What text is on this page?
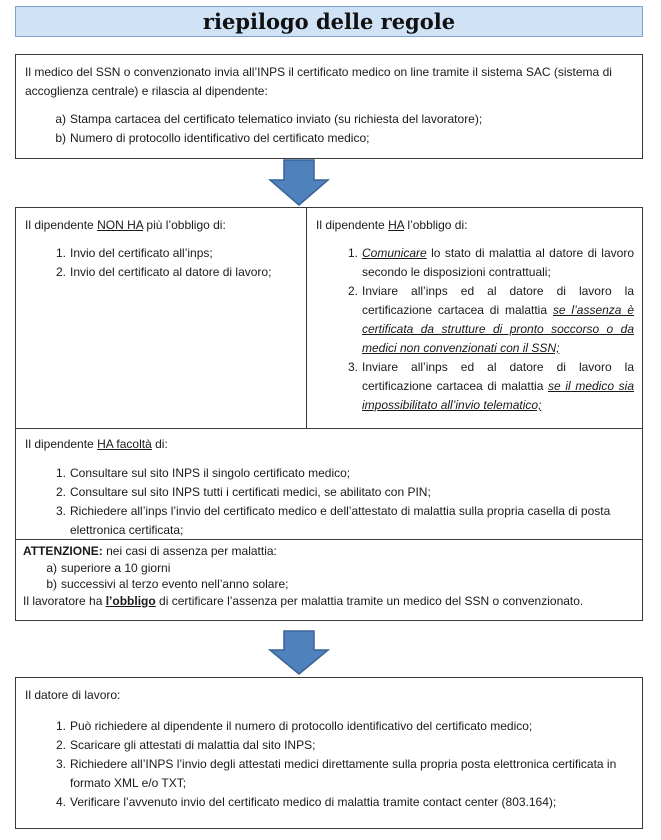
riepilogo delle regole

Il medico del SSN o convenzionato invia all’INPS il certificato medico on line tramite il sistema SAC (sistema di accoglienza centrale) e rilascia al dipendente:

a) Stampa cartacea del certificato telematico inviato (su richiesta del lavoratore);
b) Numero di protocollo identificativo del certificato medico;

Il dipendente NON HA più l’obbligo di:

1. Invio del certificato all’inps;
2. Invio del certificato al datore di lavoro;

Il dipendente HA l’obbligo di:

1. Comunicare lo stato di malattia al datore di lavoro secondo le disposizioni contrattuali;
2. Inviare all’inps ed al datore di lavoro la certificazione cartacea di malattia se l’assenza è certificata da strutture di pronto soccorso o da medici non convenzionati con il SSN;
3. Inviare all’inps ed al datore di lavoro la certificazione cartacea di malattia se il medico sia impossibilitato all’invio telematico;

Il dipendente HA facoltà di:

1. Consultare sul sito INPS il singolo certificato medico;
2. Consultare sul sito INPS tutti i certificati medici, se abilitato con PIN;
3. Richiedere all’inps l’invio del certificato medico e dell’attestato di malattia sulla propria casella di posta elettronica certificata;

ATTENZIONE: nei casi di assenza per malattia:

a) superiore a 10 giorni
b) successivi al terzo evento nell’anno solare;

Il lavoratore ha l’obbligo di certificare l’assenza per malattia tramite un medico del SSN o convenzionato.

Il datore di lavoro:

1. Può richiedere al dipendente il numero di protocollo identificativo del certificato medico;
2. Scaricare gli attestati di malattia dal sito INPS;
3. Richiedere all’INPS l’invio degli attestati medici direttamente sulla propria posta elettronica certificata in formato XML e/o TXT;
4. Verificare l’avvenuto invio del certificato medico di malattia tramite contact center (803.164);
